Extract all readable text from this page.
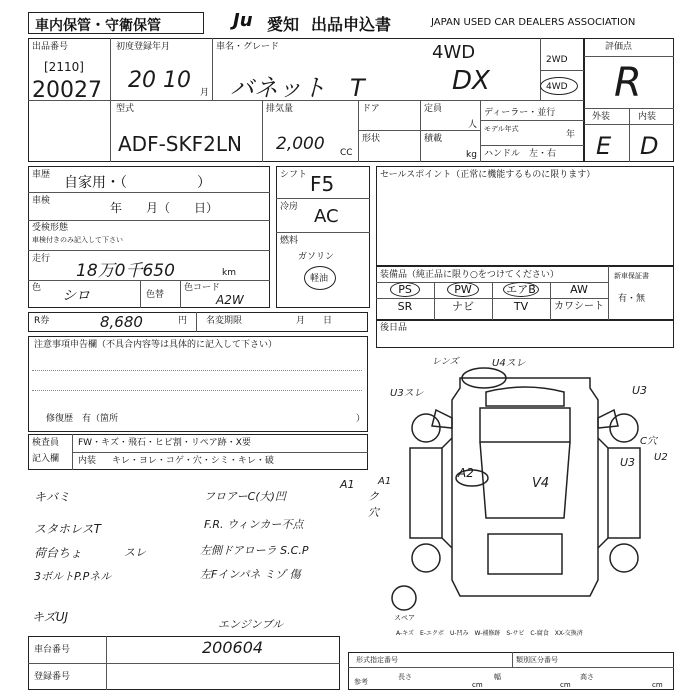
車内保管・守衛保管	Ju 愛知 出品申込書	JAPAN USED CAR DEALERS ASSOCIATION
出品番号
[2110]
20027
初度登録年月
20 10 月
車名・グレード
バネット　T	DX
4WD	2WD
4WD
評価点
R
外装	内装
E D
型式
ADF-SKF2LN
排気量
2,000 CC
ドア
形状
定員
人
積載
kg
ディーラー・並行
モデル年式
年
ハンドル　左・右
車歴 自家用・（　　　　　）
車検	年　　月（　　日）
受検形態
車検付きのみ記入して下さい
走行
18万0千650	km
色 シロ	色替
色コード
A2W
シフト F5
冷房 AC
燃料
ガソリン
軽油
セールスポイント（正常に機能するものに限ります）
装備品（純正品に限り○をつけてください）
PS	PW	エアB	AW
SR	ナビ	TV	カワシート
新車保証書
有・無
後日品
R券	8,680	円 名変期限	月　　日
注意事項申告欄（不具合内容等は具体的に記入して下さい）
修復歴　有（箇所	）
検査員
記入欄
FW・キズ・飛石・ヒビ割・リペア跡・X要
内装 キレ・ヨレ・コゲ・穴・シミ・キレ・破
キバミ
スタホレスT
荷台ちょ
3ボルトP.Pネル
スレ
キズUJ
フロアーC(大)凹
F.R. ウィンカー不点
左側ドアローラ S.C.P
左Fインパネ ミゾ 傷
エンジンブル
ク穴
A1
レンズ	U4スレ
U3
U3
U3スレ
C穴
U2
A2
V4
A1
スペア
A-キズ　E-エクボ　U-凹み　W-補修跡　S-サビ　C-腐食　XX-交換済
車台番号	200604
登録番号
形式指定番号	類別区分番号
参考
長さ
cm
幅
cm
高さ
cm
